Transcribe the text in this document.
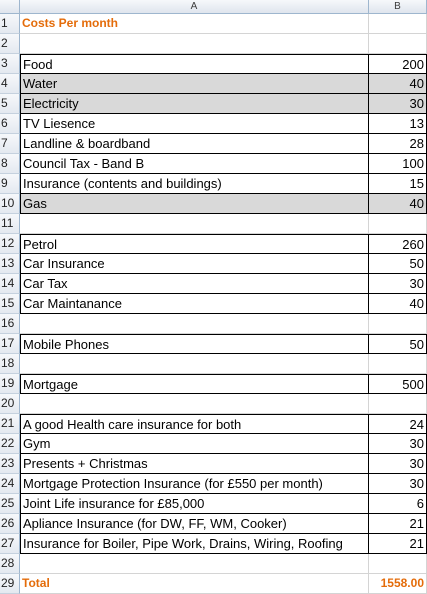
A	B
1	Costs Per month
2
3	Food	200
4	Water	40
5	Electricity	30
6	TV Liesence	13
7	Landline & boardband	28
8	Council Tax - Band B	100
9	Insurance (contents and buildings)	15
10 Gas	40
11
12 Petrol	260
13 Car Insurance	50
14 Car Tax	30
15 Car Maintanance	40
16
17 Mobile Phones	50
18
19 Mortgage	500
20
21 A good Health care insurance for both	24
22 Gym	30
23 Presents + Christmas	30
24 Mortgage Protection Insurance (for £550 per month)	30
25 Joint Life insurance for £85,000	6
26 Apliance Insurance (for DW, FF, WM, Cooker)	21
27 Insurance for Boiler, Pipe Work, Drains, Wiring, Roofing	21
28
29 Total	1558.00
